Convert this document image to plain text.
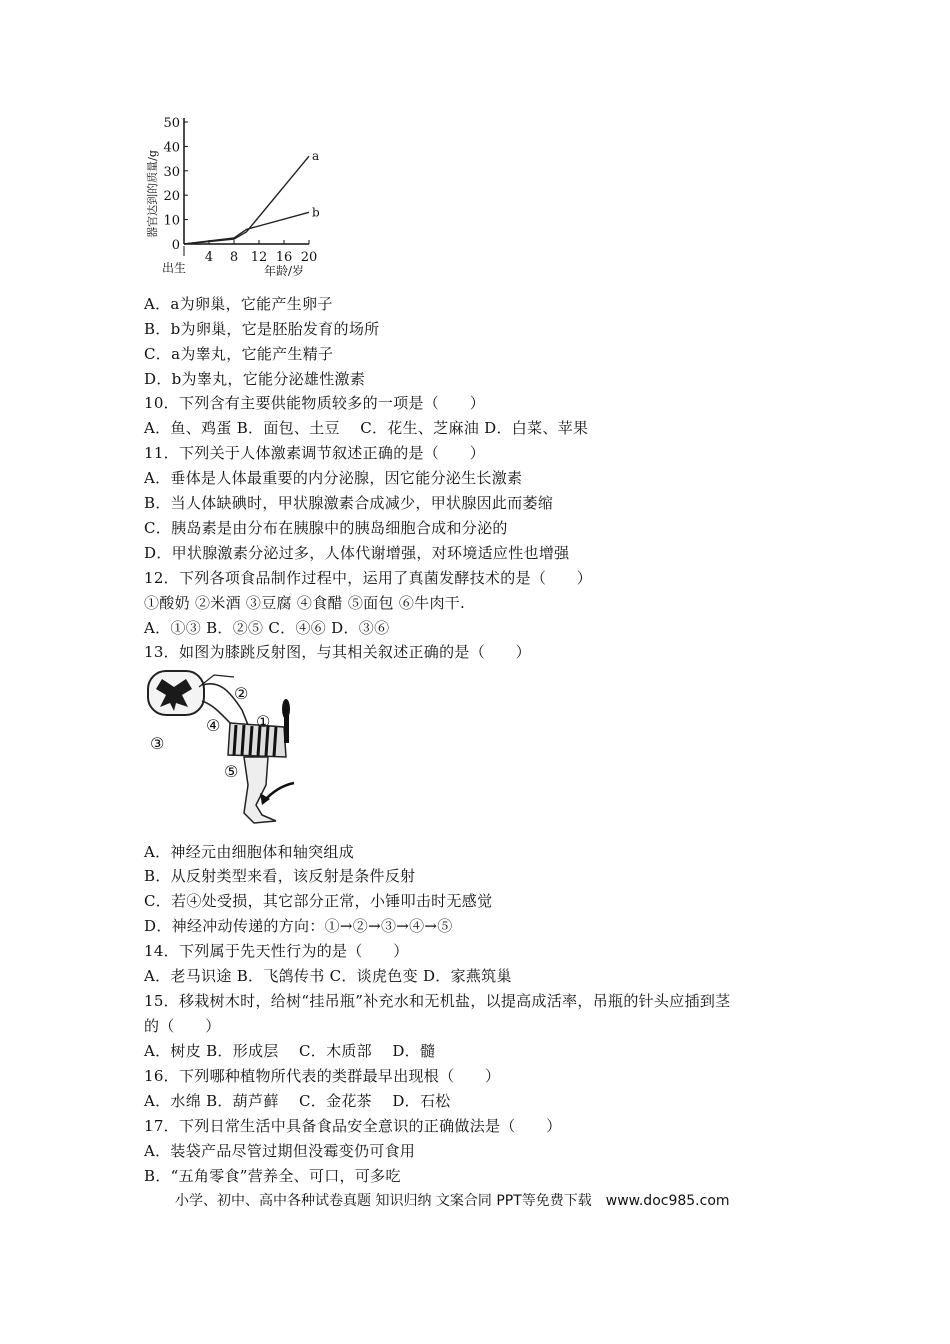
器官达到的质量/g
0
10
20
30
40
50
出生
4 8 12 16 20
年龄/岁
a
b
①
②
③
④
⑤
A．a为卵巢，它能产生卵子
B．b为卵巢，它是胚胎发育的场所
C．a为睾丸，它能产生精子
D．b为睾丸，它能分泌雄性激素
10．下列含有主要供能物质较多的一项是（　　）
A．鱼、鸡蛋 B．面包、土豆　 C．花生、芝麻油 D．白菜、苹果
11．下列关于人体激素调节叙述正确的是（　　）
A．垂体是人体最重要的内分泌腺，因它能分泌生长激素
B．当人体缺碘时，甲状腺激素合成减少，甲状腺因此而萎缩
C．胰岛素是由分布在胰腺中的胰岛细胞合成和分泌的
D．甲状腺激素分泌过多，人体代谢增强，对环境适应性也增强
12．下列各项食品制作过程中，运用了真菌发酵技术的是（　　）
①酸奶 ②米酒 ③豆腐 ④食醋 ⑤面包 ⑥牛肉干.
A．①③ B．②⑤ C．④⑥ D．③⑥
13．如图为膝跳反射图，与其相关叙述正确的是（　　）
A．神经元由细胞体和轴突组成
B．从反射类型来看，该反射是条件反射
C．若④处受损，其它部分正常，小锤叩击时无感觉
D．神经冲动传递的方向：①→②→③→④→⑤
14．下列属于先天性行为的是（　　）
A．老马识途 B．飞鸽传书 C．谈虎色变 D．家燕筑巢
15．移栽树木时，给树“挂吊瓶”补充水和无机盐，以提高成活率，吊瓶的针头应插到茎
的（　　）
A．树皮 B．形成层　 C．木质部　 D．髓
16．下列哪种植物所代表的类群最早出现根（　　）
A．水绵 B．葫芦藓　 C．金花茶　 D．石松
17．下列日常生活中具备食品安全意识的正确做法是（　　）
A．装袋产品尽管过期但没霉变仍可食用
B．“五角零食”营养全、可口，可多吃
小学、初中、高中各种试卷真题 知识归纳 文案合同 PPT等免费下载　www.doc985.com
